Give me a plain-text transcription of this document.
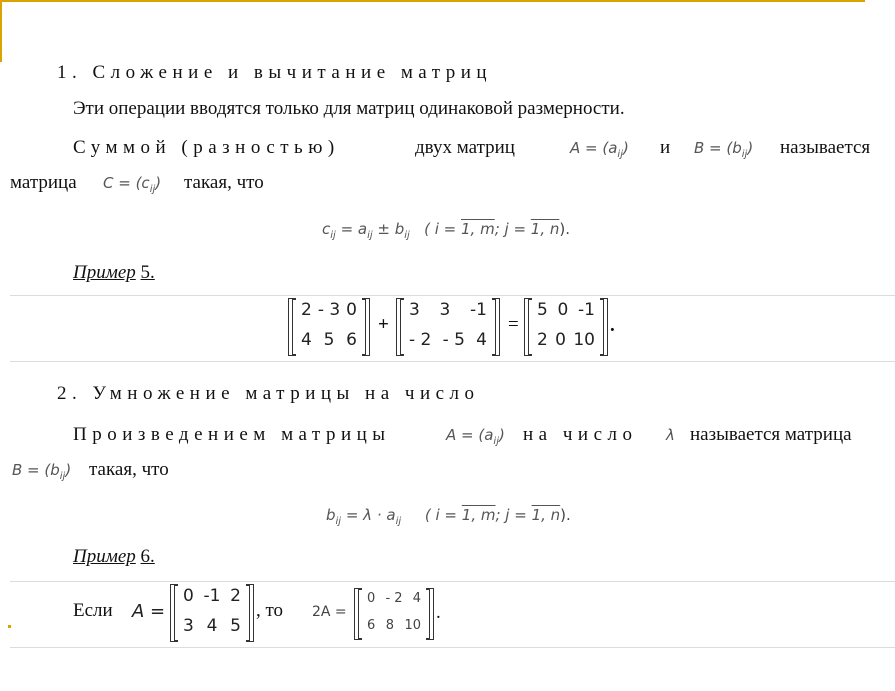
1. Сложение и вычитание матриц
Эти операции вводятся только для матриц одинаковой размерности.
Суммой (разностью)	двух матриц	$A = (a_{ij})$ и $B = (b_{ij})$ называется
матрица $C = (c_{ij})$ такая, что
$c_{ij} = a_{ij} \pm b_{ij}$ ( i = 1, m; j = 1, n).
Пример 5.
2 - 3 0
4 5 6
+
3 3 -1
- 2 - 5 4
=
5 0 -1
2 0 10
.
2. Умножение матрицы на число
Произведением матрицы	$A = (a_{ij})$ на число λ называется матрица
$B = (b_{ij})$ такая, что
$b_{ij} = \lambda \cdot a_{ij}$ ( i = 1, m; j = 1, n).
Пример 6.
Если A =
0 -1 2
3 4 5
, то 2A =
0 - 2 4
6 8 10
.
